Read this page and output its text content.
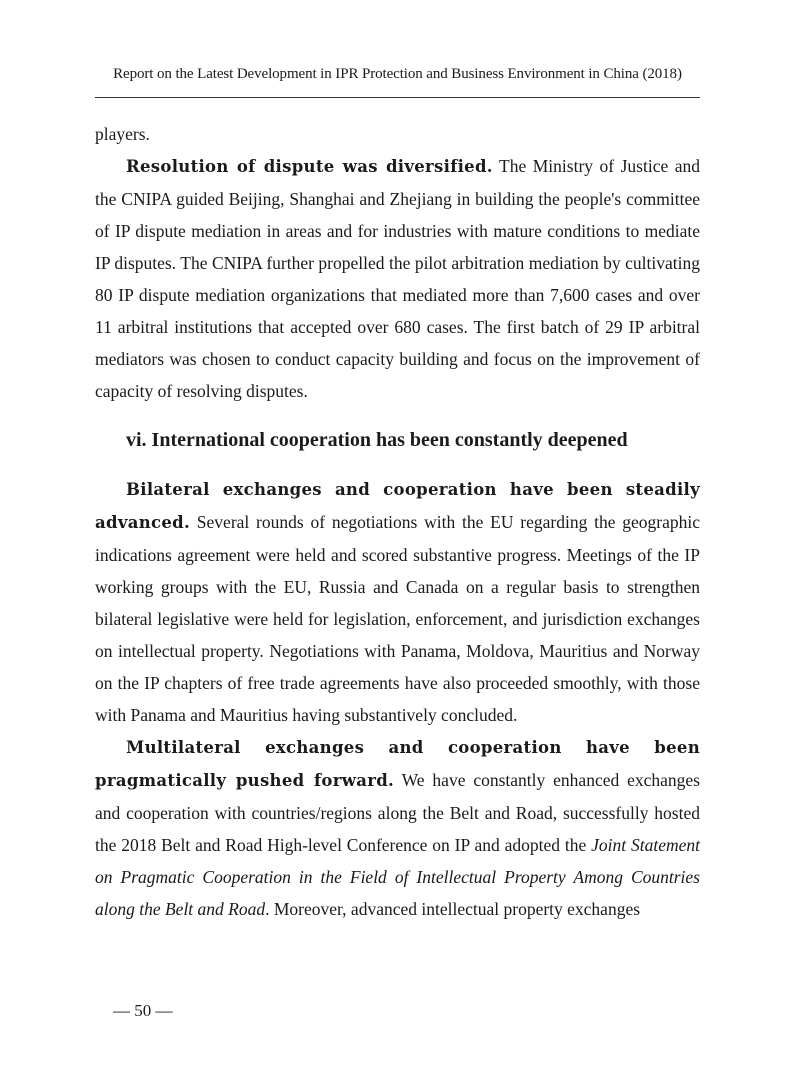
Report on the Latest Development in IPR Protection and Business Environment in China (2018)

players.

Resolution of dispute was diversified. The Ministry of Justice and the CNIPA guided Beijing, Shanghai and Zhejiang in building the people's committee of IP dispute mediation in areas and for industries with mature conditions to mediate IP disputes. The CNIPA further propelled the pilot arbitration mediation by cultivating 80 IP dispute mediation organizations that mediated more than 7,600 cases and over 11 arbitral institutions that accepted over 680 cases. The first batch of 29 IP arbitral mediators was chosen to conduct capacity building and focus on the improvement of capacity of resolving disputes.

vi. International cooperation has been constantly deepened

Bilateral exchanges and cooperation have been steadily advanced. Several rounds of negotiations with the EU regarding the geographic indications agreement were held and scored substantive progress. Meetings of the IP working groups with the EU, Russia and Canada on a regular basis to strengthen bilateral legislative were held for legislation, enforcement, and jurisdiction exchanges on intellectual property. Negotiations with Panama, Moldova, Mauritius and Norway on the IP chapters of free trade agreements have also proceeded smoothly, with those with Panama and Mauritius having substantively concluded.

Multilateral exchanges and cooperation have been pragmatically pushed forward. We have constantly enhanced exchanges and cooperation with countries/regions along the Belt and Road, successfully hosted the 2018 Belt and Road High-level Conference on IP and adopted the Joint Statement on Pragmatic Cooperation in the Field of Intellectual Property Among Countries along the Belt and Road. Moreover, advanced intellectual property exchanges

— 50 —
